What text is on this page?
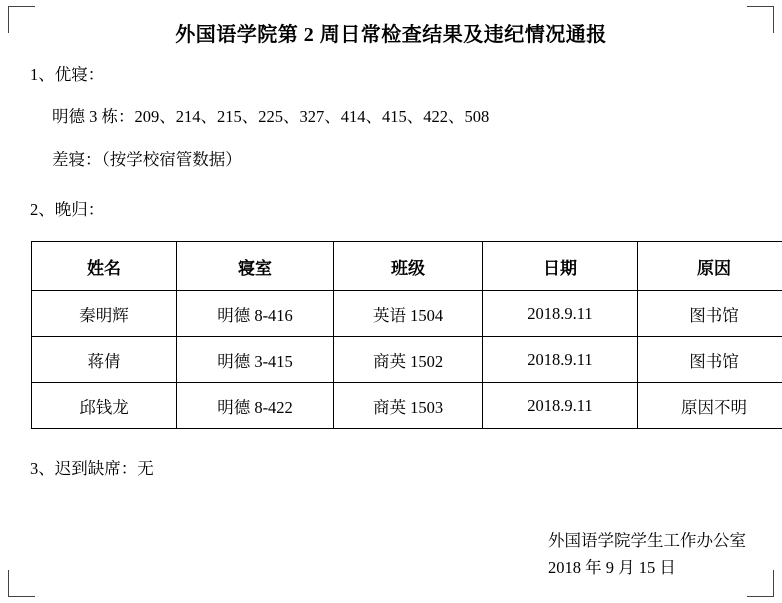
外国语学院第 2 周日常检查结果及违纪情况通报

1、优寝：

明德 3 栋：209、214、215、225、327、414、415、422、508

差寝：（按学校宿管数据）

2、晚归：

姓名	寝室	班级	日期	原因
秦明辉	明德 8-416	英语 1504	2018.9.11	图书馆
蒋倩	明德 3-415	商英 1502	2018.9.11	图书馆
邱钱龙	明德 8-422	商英 1503	2018.9.11	原因不明

3、迟到缺席：无

外国语学院学生工作办公室
2018 年 9 月 15 日
